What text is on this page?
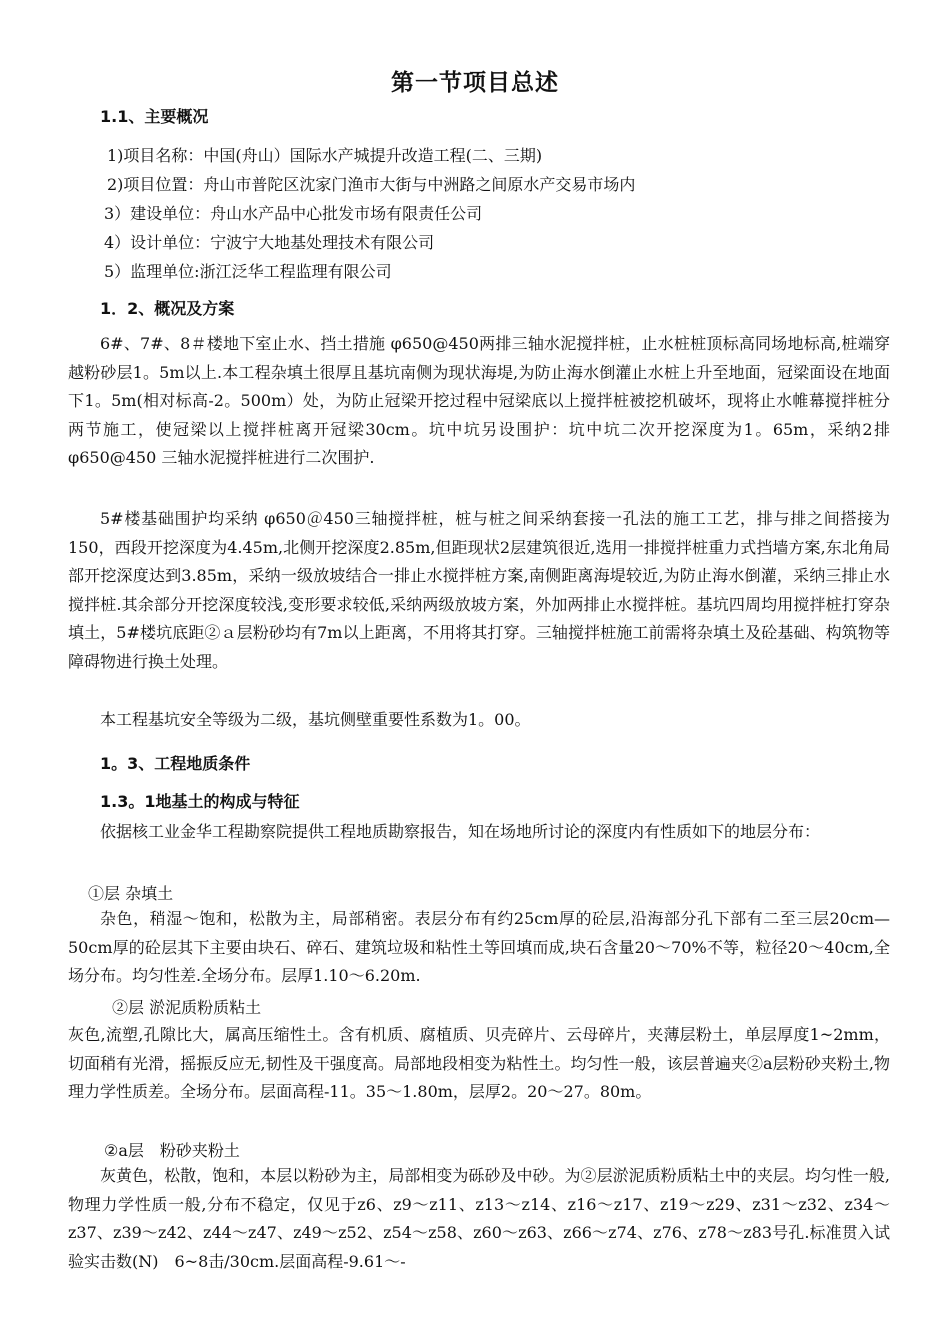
第一节项目总述
1.1、主要概况
1)项目名称：中国(舟山）国际水产城提升改造工程(二、三期)
2)项目位置：舟山市普陀区沈家门渔市大街与中洲路之间原水产交易市场内
3）建设单位：舟山水产品中心批发市场有限责任公司
4）设计单位：宁波宁大地基处理技术有限公司
5）监理单位:浙江泛华工程监理有限公司
1．2、概况及方案
6#、7#、8＃楼地下室止水、挡土措施 φ650@450两排三轴水泥搅拌桩，止水桩桩顶标高同场地标高,桩端穿越粉砂层1。5m以上.本工程杂填土很厚且基坑南侧为现状海堤,为防止海水倒灌止水桩上升至地面，冠梁面设在地面下1。5m(相对标高-2。500m）处，为防止冠梁开挖过程中冠梁底以上搅拌桩被挖机破坏，现将止水帷幕搅拌桩分两节施工，使冠梁以上搅拌桩离开冠梁30cm。坑中坑另设围护：坑中坑二次开挖深度为1。65m，采纳2排 φ650@450 三轴水泥搅拌桩进行二次围护.
5#楼基础围护均采纳 φ650＠450三轴搅拌桩，桩与桩之间采纳套接一孔法的施工工艺，排与排之间搭接为150，西段开挖深度为4.45m,北侧开挖深度2.85m,但距现状2层建筑很近,选用一排搅拌桩重力式挡墙方案,东北角局部开挖深度达到3.85m，采纳一级放坡结合一排止水搅拌桩方案,南侧距离海堤较近,为防止海水倒灌，采纳三排止水搅拌桩.其余部分开挖深度较浅,变形要求较低,采纳两级放坡方案，外加两排止水搅拌桩。基坑四周均用搅拌桩打穿杂填土，5#楼坑底距②ａ层粉砂均有7m以上距离，不用将其打穿。三轴搅拌桩施工前需将杂填土及砼基础、构筑物等障碍物进行换土处理。
本工程基坑安全等级为二级，基坑侧壁重要性系数为1。00。
1。3、工程地质条件
1.3。1地基土的构成与特征
依据核工业金华工程勘察院提供工程地质勘察报告，知在场地所讨论的深度内有性质如下的地层分布：
①层 杂填土
杂色，稍湿～饱和，松散为主，局部稍密。表层分布有约25cm厚的砼层,沿海部分孔下部有二至三层20cm—50cm厚的砼层其下主要由块石、碎石、建筑垃圾和粘性土等回填而成,块石含量20～70%不等，粒径20～40cm,全场分布。均匀性差.全场分布。层厚1.10～6.20m.
②层 淤泥质粉质粘土
灰色,流塑,孔隙比大，属高压缩性土。含有机质、腐植质、贝壳碎片、云母碎片，夹薄层粉土，单层厚度1~2mm，切面稍有光滑，摇振反应无,韧性及干强度高。局部地段相变为粘性土。均匀性一般，该层普遍夹②a层粉砂夹粉土,物理力学性质差。全场分布。层面高程-11。35～1.80m，层厚2。20～27。80m。
②a层　粉砂夹粉土
灰黄色，松散，饱和，本层以粉砂为主，局部相变为砾砂及中砂。为②层淤泥质粉质粘土中的夹层。均匀性一般,物理力学性质一般,分布不稳定，仅见于z6、z9～z11、z13～z14、z16～z17、z19～z29、z31～z32、z34～z37、z39～z42、z44～z47、z49～z52、z54～z58、z60～z63、z66～z74、z76、z78～z83号孔.标准贯入试验实击数(N)　6~8击/30cm.层面高程-9.61～-
